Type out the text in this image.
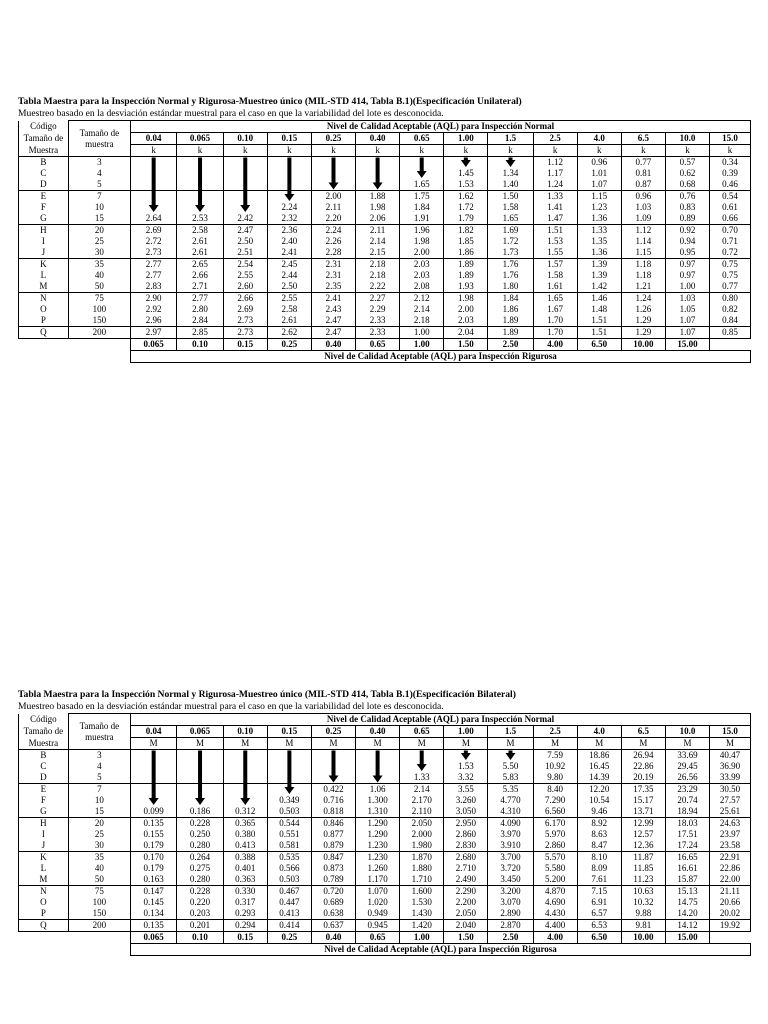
Tabla Maestra para la Inspección Normal y Rigurosa-Muestreo único (MIL-STD 414, Tabla B.1)(Especificación Unilateral)
Muestreo basado en la desviación estándar muestral para el caso en que la variabilidad del lote es desconocida.
Código	Tamaño de
muestra	Nivel de Calidad Aceptable (AQL) para Inspección Normal													
Tamaño de		0.04	0.065	0.10	0.15	0.25	0.40	0.65	1.00	1.5	2.5	4.0	6.5	10.0	15.0
Muestra		k	k	k	k	k	k	k	k	k	k	k	k	k	k
B	3										1.12	0.96	0.77	0.57	0.34
C	4								1.45	1.34	1.17	1.01	0.81	0.62	0.39
D	5							1.65	1.53	1.40	1.24	1.07	0.87	0.68	0.46
E	7					2.00	1.88	1.75	1.62	1.50	1.33	1.15	0.96	0.76	0.54
F	10				2.24	2.11	1.98	1.84	1.72	1.58	1.41	1.23	1.03	0.83	0.61
G	15	2.64	2.53	2.42	2.32	2.20	2.06	1.91	1.79	1.65	1.47	1.36	1.09	0.89	0.66
H	20	2.69	2.58	2.47	2.36	2.24	2.11	1.96	1.82	1.69	1.51	1.33	1.12	0.92	0.70
I	25	2.72	2.61	2.50	2.40	2.26	2.14	1.98	1.85	1.72	1.53	1.35	1.14	0.94	0.71
J	30	2.73	2.61	2.51	2.41	2.28	2.15	2.00	1.86	1.73	1.55	1.36	1.15	0.95	0.72
K	35	2.77	2.65	2.54	2.45	2.31	2.18	2.03	1.89	1.76	1.57	1.39	1.18	0.97	0.75
L	40	2.77	2.66	2.55	2.44	2.31	2.18	2.03	1.89	1.76	1.58	1.39	1.18	0.97	0.75
M	50	2.83	2.71	2.60	2.50	2.35	2.22	2.08	1.93	1.80	1.61	1.42	1.21	1.00	0.77
N	75	2.90	2.77	2.66	2.55	2.41	2.27	2.12	1.98	1.84	1.65	1.46	1.24	1.03	0.80
O	100	2.92	2.80	2.69	2.58	2.43	2.29	2.14	2.00	1.86	1.67	1.48	1.26	1.05	0.82
P	150	2.96	2.84	2.73	2.61	2.47	2.33	2.18	2.03	1.89	1.70	1.51	1.29	1.07	0.84
Q	200	2.97	2.85	2.73	2.62	2.47	2.33	1.00	2.04	1.89	1.70	1.51	1.29	1.07	0.85
		0.065	0.10	0.15	0.25	0.40	0.65	1.00	1.50	2.50	4.00	6.50	10.00	15.00	
		Nivel de Calidad Aceptable (AQL) para Inspección Rigurosa													
Tabla Maestra para la Inspección Normal y Rigurosa-Muestreo único (MIL-STD 414, Tabla B.1)(Especificación Bilateral)
Muestreo basado en la desviación estándar muestral para el caso en que la variabilidad del lote es desconocida.
Código	Tamaño de
muestra	Nivel de Calidad Aceptable (AQL) para Inspección Normal													
Tamaño de		0.04	0.065	0.10	0.15	0.25	0.40	0.65	1.00	1.5	2.5	4.0	6.5	10.0	15.0
Muestra		M	M	M	M	M	M	M	M	M	M	M	M	M	M
B	3										7.59	18.86	26.94	33.69	40.47
C	4								1.53	5.50	10.92	16.45	22.86	29.45	36.90
D	5							1.33	3.32	5.83	9.80	14.39	20.19	26.56	33.99
E	7					0.422	1.06	2.14	3.55	5.35	8.40	12.20	17.35	23.29	30.50
F	10				0.349	0.716	1.300	2.170	3.260	4.770	7.290	10.54	15.17	20.74	27.57
G	15	0.099	0.186	0.312	0.503	0.818	1.310	2.110	3.050	4.310	6.560	9.46	13.71	18.94	25.61
H	20	0.135	0.228	0.365	0.544	0.846	1.290	2.050	2.950	4.090	6.170	8.92	12.99	18.03	24.63
I	25	0.155	0.250	0.380	0.551	0.877	1.290	2.000	2.860	3.970	5.970	8.63	12.57	17.51	23.97
J	30	0.179	0.280	0.413	0.581	0.879	1.230	1.980	2.830	3.910	2.860	8.47	12.36	17.24	23.58
K	35	0.170	0.264	0.388	0.535	0.847	1.230	1.870	2.680	3.700	5.570	8.10	11.87	16.65	22.91
L	40	0.179	0.275	0.401	0.566	0.873	1.260	1.880	2.710	3.720	5.580	8.09	11.85	16.61	22.86
M	50	0.163	0.280	0.363	0.503	0.789	1.170	1.710	2.490	3.450	5.200	7.61	11.23	15.87	22.00
N	75	0.147	0.228	0.330	0.467	0.720	1.070	1.600	2.290	3.200	4.870	7.15	10.63	15.13	21.11
O	100	0.145	0.220	0.317	0.447	0.689	1.020	1.530	2.200	3.070	4.690	6.91	10.32	14.75	20.66
P	150	0.134	0.203	0.293	0.413	0.638	0.949	1.430	2.050	2.890	4.430	6.57	9.88	14.20	20.02
Q	200	0.135	0.201	0.294	0.414	0.637	0.945	1.420	2.040	2.870	4.400	6.53	9.81	14.12	19.92
		0.065	0.10	0.15	0.25	0.40	0.65	1.00	1.50	2.50	4.00	6.50	10.00	15.00	
		Nivel de Calidad Aceptable (AQL) para Inspección Rigurosa													
